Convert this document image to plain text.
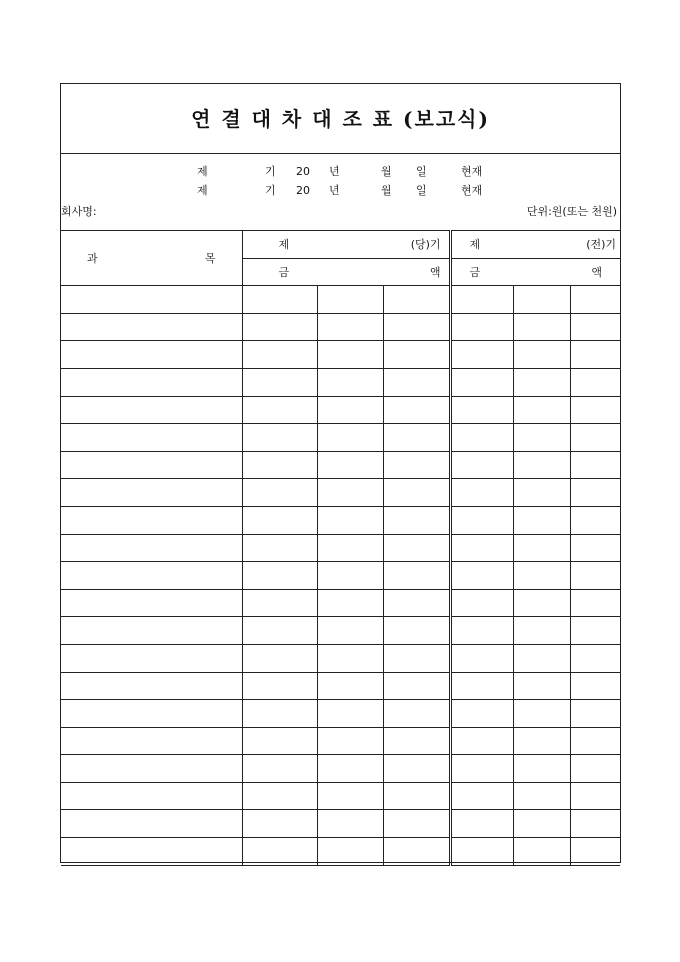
연 결 대 차 대 조 표 (보고식)
제	기 20 년	월 일	현재
제	기 20 년	월 일	현재
회사명:	단위:원(또는 천원)
과 목	제 (당)기			제 (전)기		

	금 액			금 액		
